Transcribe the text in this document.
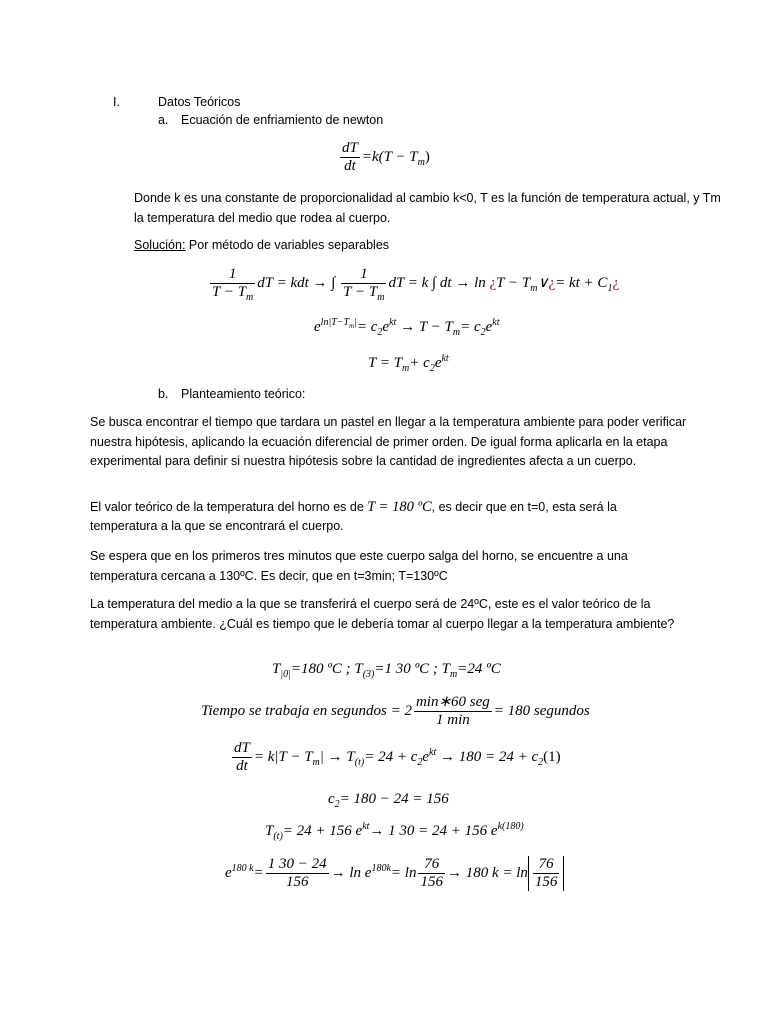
I.	Datos Teóricos
a. Ecuación de enfriamiento de newton
$\frac{dT}{dt} =k(T - T_m)$
Donde k es una constante de proporcionalidad al cambio k<0, T es la función de temperatura actual, y Tm la temperatura del medio que rodea al cuerpo.
Solución: Por método de variables separables
$\frac{1}{T - T_m}$ dT = kdt → ∫ $\frac{1}{T - T_m}$ dT = k ∫ dt → ln ¿$T - T_m\vee¿=$ kt + $C_1¿$
$e^{ln|T-T_m|}= c_2e^{kt} \to T - T_m= c_2e^{kt}$
$T = T_m+ c_2e^{kt}$
b. Planteamiento teórico:
Se busca encontrar el tiempo que tardara un pastel en llegar a la temperatura ambiente para poder verificar nuestra hipótesis, aplicando la ecuación diferencial de primer orden. De igual forma aplicarla en la etapa experimental para definir si nuestra hipótesis sobre la cantidad de ingredientes afecta a un cuerpo.
El valor teórico de la temperatura del horno es de T = 180 ºC, es decir que en t=0, esta será la
temperatura a la que se encontrará el cuerpo.
Se espera que en los primeros tres minutos que este cuerpo salga del horno, se encuentre a una temperatura cercana a 130ºC. Es decir, que en t=3min; T=130ºC
La temperatura del medio a la que se transferirá el cuerpo será de 24ºC, este es el valor teórico de la temperatura ambiente. ¿Cuál es tiempo que le debería tomar al cuerpo llegar a la temperatura ambiente?
$T_{|0|}=180$ ºC ; $T_{(3)}=1$ 30 ºC ; $T_m=24$ ºC
Tiempo se trabaja en segundos = $2 \frac{\text{min∗60 seg}}{1 \min} = 180$ segundos
$\frac{dT}{dt} = k|T - T_m| \to T_{(t)}= 24 + c_2e^{kt} \to 180 = 24 + c_2(1)$
$c_2= 180 - 24 = 156$
$T_{(t)}= 24 + 156$ $e^{kt}\to 1$ 30 = 24 + 156 $e^{k(180)}$
$e^{180 k}= \frac{1 30 - 24}{156} \to \ln e^{180k}= \ln \frac{76}{156} \to 180$ $k = \ln \frac{76}{156}$
